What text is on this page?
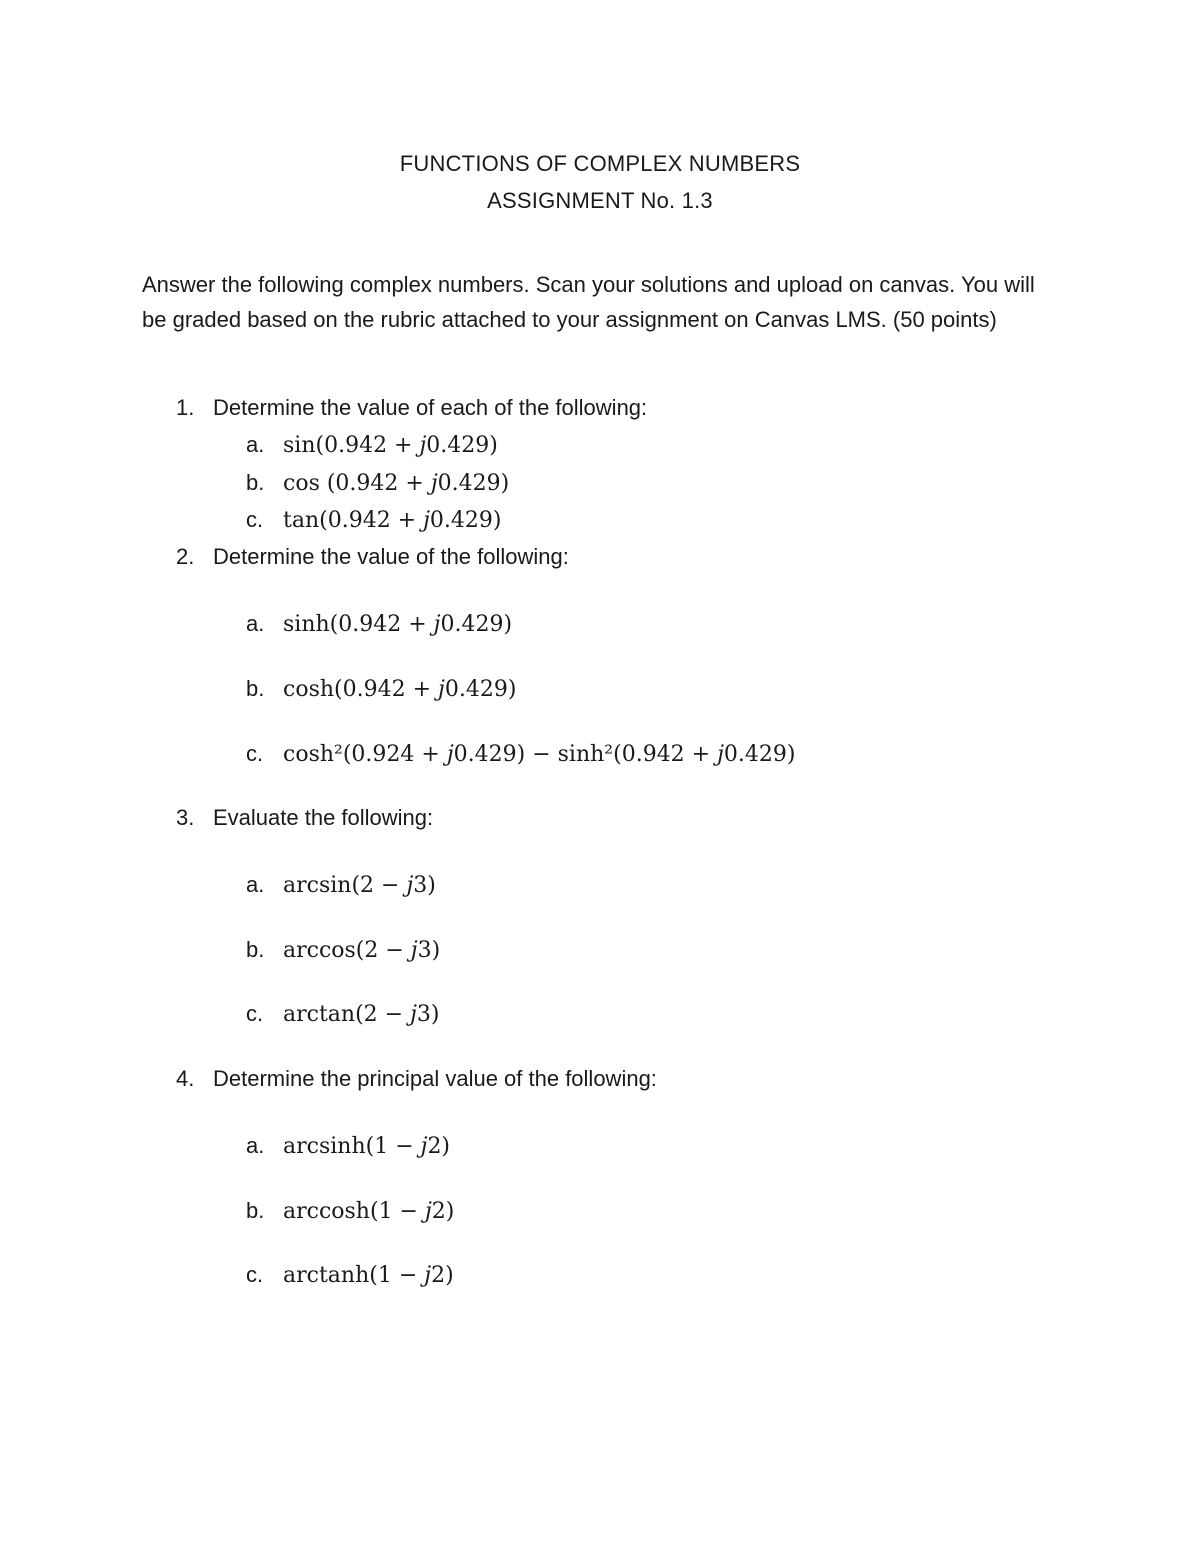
FUNCTIONS OF COMPLEX NUMBERS
ASSIGNMENT No. 1.3
Answer the following complex numbers. Scan your solutions and upload on canvas. You will be graded based on the rubric attached to your assignment on Canvas LMS. (50 points)
1. Determine the value of each of the following:
a. sin(0.942 + 𝑗0.429)
b. cos (0.942 + 𝑗0.429)
c. tan(0.942 + 𝑗0.429)
2. Determine the value of the following:
a. sinh(0.942 + 𝑗0.429)
b. cosh(0.942 + 𝑗0.429)
c. cosh²(0.924 + 𝑗0.429) − sinh²(0.942 + 𝑗0.429)
3. Evaluate the following:
a. arcsin(2 − 𝑗3)
b. arccos(2 − 𝑗3)
c. arctan(2 − 𝑗3)
4. Determine the principal value of the following:
a. arcsinh(1 − 𝑗2)
b. arccosh(1 − 𝑗2)
c. arctanh(1 − 𝑗2)
